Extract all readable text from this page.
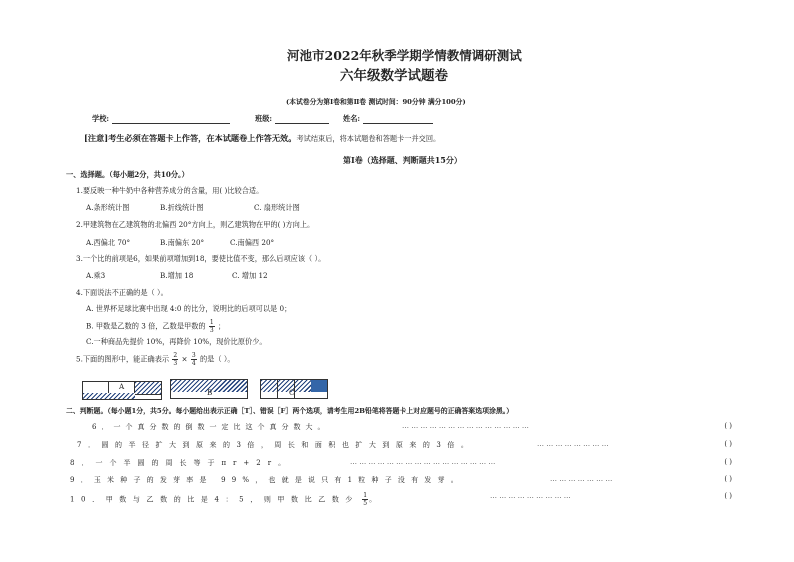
河池市2022年秋季学期学情教情调研测试
六年级数学试题卷
(本试卷分为第Ⅰ卷和第Ⅱ卷 测试时间：90分钟 满分100分)
学校:	班级:	姓名:
[注意]考生必须在答题卡上作答，在本试题卷上作答无效。考试结束后，将本试题卷和答题卡一并交回。
第Ⅰ卷（选择题、判断题共15分）
一、选择题。（每小题2分，共10分。）
1.要反映一种牛奶中各种营养成分的含量，用( )比较合适。
A.条形统计图	B.折线统计图	C. 扇形统计图
2.甲建筑物在乙建筑物的北偏西 20°方向上，则乙建筑物在甲的( )方向上。
A.西偏北 70°	B.南偏东 20°	C.南偏西 20°
3.一个比的前项是6，如果前项增加到18，要使比值不变，那么后项应该（ ）。
A.乘3	B.增加 18	C. 增加 12
4.下面说法不正确的是（ ）。
A. 世界杯足球比赛中出现 4:0 的比分，说明比的后项可以是 0；
B. 甲数是乙数的 3 倍，乙数是甲数的 $\frac{1}{3}$ ；
C.一种商品先提价 10%，再降价 10%，现价比原价少。
5.下面的图形中，能正确表示 $\frac{2}{3} \times \frac{3}{4}$ 的是（ ）。
A
B	C
二、判断题。（每小题1分，共5分。每小题给出表示正确［T］、错误［F］两个选项，请考生用2B铅笔将答题卡上对应题号的正确答案选项涂黑。）
6．一个真分数的倒数一定比这个真分数大。	… … … … … … … … … … … … … …	( )
7．圆的半径扩大到原来的3倍，周长和面积也扩大到原来的3倍。	… … … … … … … …	( )
8．一个半圆的周长等于πr+2r。	… … … … … … … … … … … … … … … …	( )
9．玉米种子的发芽率是 99%，也就是说只有1粒种子没有发芽。	… … … … … … …	( )
10．甲数与乙数的比是4：5，则甲数比乙数少 $\frac{1}{5}$ 。	… … … … … … … … …	( )
